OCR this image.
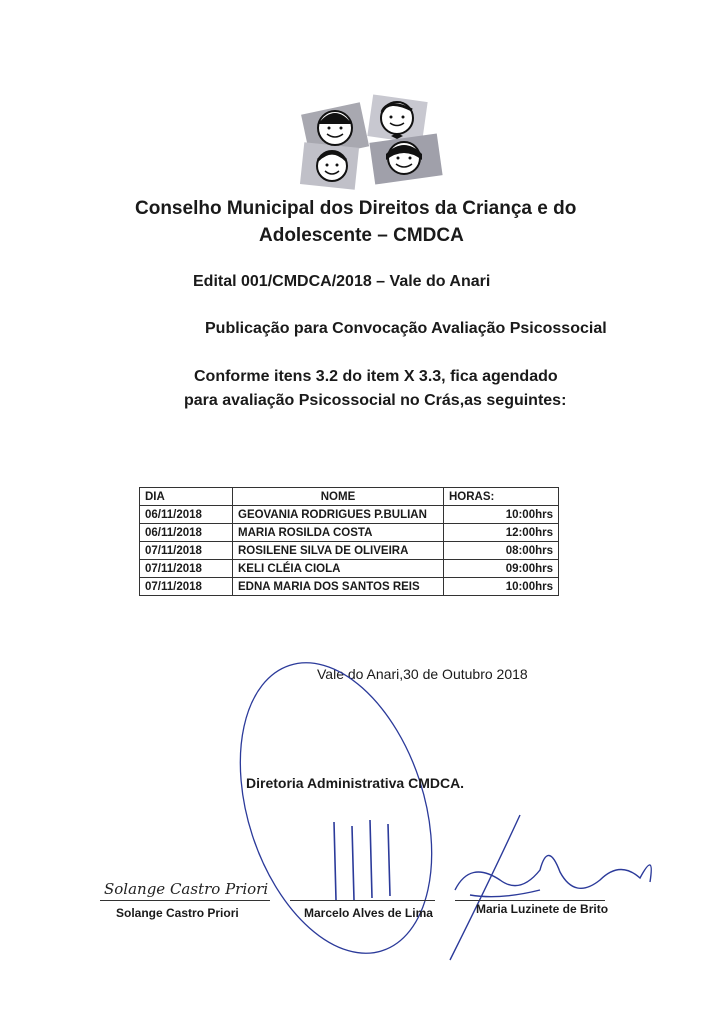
Conselho Municipal dos Direitos da Criança e do
Adolescente – CMDCA
Edital 001/CMDCA/2018 – Vale do Anari
Publicação para Convocação Avaliação Psicossocial
Conforme itens 3.2 do item X 3.3, fica agendado
para avaliação Psicossocial no Crás,as seguintes:
DIA	NOME	HORAS:
06/11/2018	GEOVANIA RODRIGUES P.BULIAN	10:00hrs
06/11/2018	MARIA ROSILDA COSTA	12:00hrs
07/11/2018	ROSILENE SILVA DE OLIVEIRA	08:00hrs
07/11/2018	KELI CLÉIA CIOLA	09:00hrs
07/11/2018	EDNA MARIA DOS SANTOS REIS	10:00hrs
Vale do Anari,30 de Outubro 2018
Diretoria Administrativa CMDCA.
Solange Castro Priori
Solange Castro Priori	Marcelo Alves de Lima	Maria Luzinete de Brito
